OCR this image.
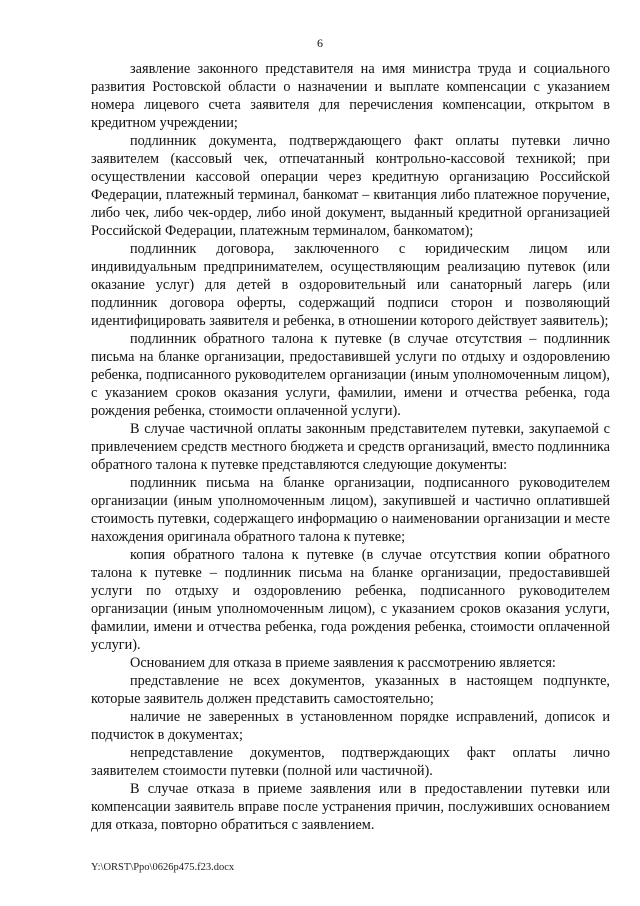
6

заявление законного представителя на имя министра труда и социального развития Ростовской области о назначении и выплате компенсации с указанием номера лицевого счета заявителя для перечисления компенсации, открытом в кредитном учреждении;

подлинник документа, подтверждающего факт оплаты путевки лично заявителем (кассовый чек, отпечатанный контрольно-кассовой техникой; при осуществлении кассовой операции через кредитную организацию Российской Федерации, платежный терминал, банкомат – квитанция либо платежное поручение, либо чек, либо чек-ордер, либо иной документ, выданный кредитной организацией Российской Федерации, платежным терминалом, банкоматом);

подлинник договора, заключенного с юридическим лицом или индивидуальным предпринимателем, осуществляющим реализацию путевок (или оказание услуг) для детей в оздоровительный или санаторный лагерь (или подлинник договора оферты, содержащий подписи сторон и позволяющий идентифицировать заявителя и ребенка, в отношении которого действует заявитель);

подлинник обратного талона к путевке (в случае отсутствия – подлинник письма на бланке организации, предоставившей услуги по отдыху и оздоровлению ребенка, подписанного руководителем организации (иным уполномоченным лицом), с указанием сроков оказания услуги, фамилии, имени и отчества ребенка, года рождения ребенка, стоимости оплаченной услуги).

В случае частичной оплаты законным представителем путевки, закупаемой с привлечением средств местного бюджета и средств организаций, вместо подлинника обратного талона к путевке представляются следующие документы:

подлинник письма на бланке организации, подписанного руководителем организации (иным уполномоченным лицом), закупившей и частично оплатившей стоимость путевки, содержащего информацию о наименовании организации и месте нахождения оригинала обратного талона к путевке;

копия обратного талона к путевке (в случае отсутствия копии обратного талона к путевке – подлинник письма на бланке организации, предоставившей услуги по отдыху и оздоровлению ребенка, подписанного руководителем организации (иным уполномоченным лицом), с указанием сроков оказания услуги, фамилии, имени и отчества ребенка, года рождения ребенка, стоимости оплаченной услуги).

Основанием для отказа в приеме заявления к рассмотрению является:

представление не всех документов, указанных в настоящем подпункте, которые заявитель должен представить самостоятельно;

наличие не заверенных в установленном порядке исправлений, дописок и подчисток в документах;

непредставление документов, подтверждающих факт оплаты лично заявителем стоимости путевки (полной или частичной).

В случае отказа в приеме заявления или в предоставлении путевки или компенсации заявитель вправе после устранения причин, послуживших основанием для отказа, повторно обратиться с заявлением.

Y:\ORST\Ppo\0626p475.f23.docx
